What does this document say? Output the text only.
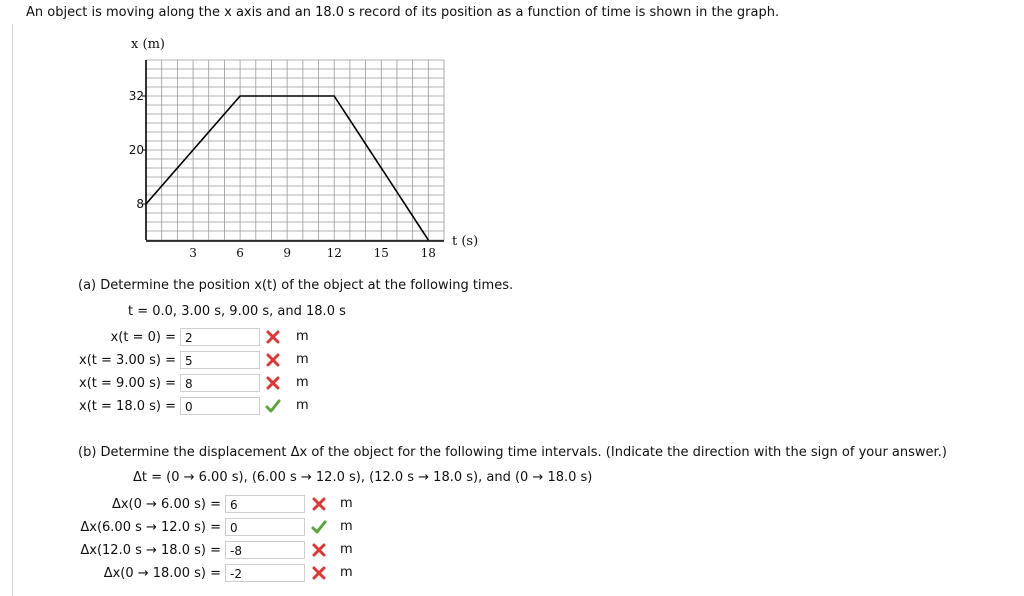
An object is moving along the x axis and an 18.0 s record of its position as a function of time is shown in the graph.
3	6	9	12	15	18
8
20
32
x (m)
t (s)
(a) Determine the position x(t) of the object at the following times.
t = 0.0, 3.00 s, 9.00 s, and 18.0 s
x(t = 0) = 2	m
x(t = 3.00 s) = 5	m
x(t = 9.00 s) = 8	m
x(t = 18.0 s) = 0	m
(b) Determine the displacement Δx of the object for the following time intervals. (Indicate the direction with the sign of your answer.)
Δt = (0 → 6.00 s), (6.00 s → 12.0 s), (12.0 s → 18.0 s), and (0 → 18.0 s)
Δx(0 → 6.00 s) = 6	m
Δx(6.00 s → 12.0 s) = 0	m
Δx(12.0 s → 18.0 s) = -8	m
Δx(0 → 18.00 s) = -2	m
